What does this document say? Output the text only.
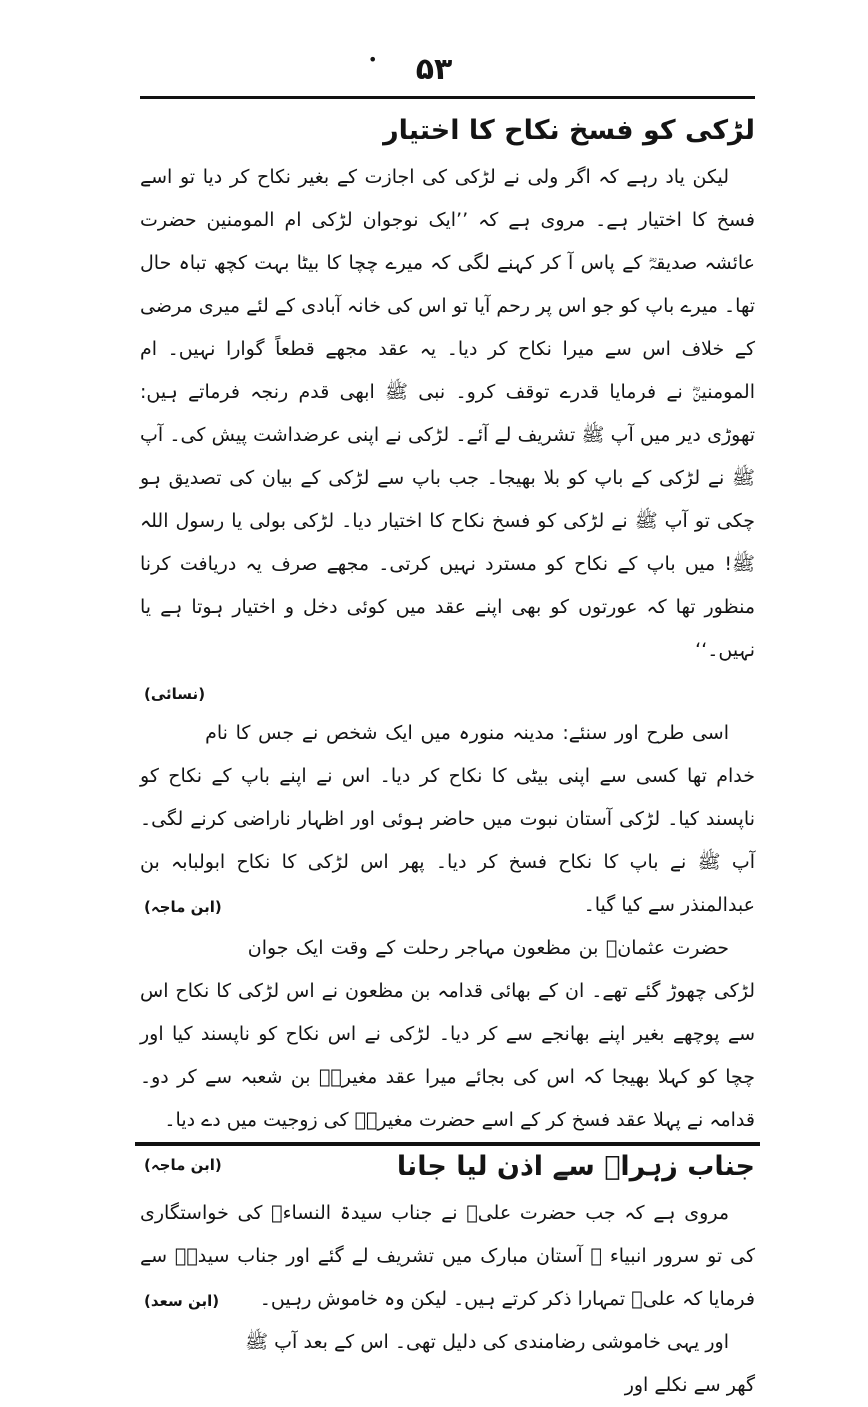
•	۵۳
لڑکی کو فسخ نکاح کا اختیار

لیکن یاد رہے کہ اگر ولی نے لڑکی کی اجازت کے بغیر نکاح کر دیا تو اسے فسخ کا اختیار ہے۔ مروی ہے کہ ’’ایک نوجوان لڑکی ام المومنین حضرت عائشہ صدیقہؓ کے پاس آ کر کہنے لگی کہ میرے چچا کا بیٹا بہت کچھ تباہ حال تھا۔ میرے باپ کو جو اس پر رحم آیا تو اس کی خانہ آبادی کے لئے میری مرضی کے خلاف اس سے میرا نکاح کر دیا۔ یہ عقد مجھے قطعاً گوارا نہیں۔ ام المومنینؓ نے فرمایا قدرے توقف کرو۔ نبی ﷺ ابھی قدم رنجہ فرماتے ہیں: تھوڑی دیر میں آپ ﷺ تشریف لے آئے۔ لڑکی نے اپنی عرضداشت پیش کی۔ آپ ﷺ نے لڑکی کے باپ کو بلا بھیجا۔ جب باپ سے لڑکی کے بیان کی تصدیق ہو چکی تو آپ ﷺ نے لڑکی کو فسخ نکاح کا اختیار دیا۔ لڑکی بولی یا رسول اللہ ﷺ! میں باپ کے نکاح کو مسترد نہیں کرتی۔ مجھے صرف یہ دریافت کرنا منظور تھا کہ عورتوں کو بھی اپنے عقد میں کوئی دخل و اختیار ہوتا ہے یا نہیں۔‘‘

(نسائی)

اسی طرح اور سنئے: مدینہ منورہ میں ایک شخص نے جس کا نام خدام تھا کسی سے اپنی بیٹی کا نکاح کر دیا۔ اس نے اپنے باپ کے نکاح کو ناپسند کیا۔ لڑکی آستان نبوت میں حاضر ہوئی اور اظہار ناراضی کرنے لگی۔ آپ ﷺ نے باپ کا نکاح فسخ کر دیا۔ پھر اس لڑکی کا نکاح ابولبابہ بن عبدالمنذر سے کیا گیا۔
(ابن ماجہ)

حضرت عثمانؓ بن مظعون مہاجر رحلت کے وقت ایک جوان لڑکی چھوڑ گئے تھے۔ ان کے بھائی قدامہ بن مظعون نے اس لڑکی کا نکاح اس سے پوچھے بغیر اپنے بھانجے سے کر دیا۔ لڑکی نے اس نکاح کو ناپسند کیا اور چچا کو کہلا بھیجا کہ اس کی بجائے میرا عقد مغیرہؓ بن شعبہ سے کر دو۔ قدامہ نے پہلا عقد فسخ کر کے اسے حضرت مغیرہؓ کی زوجیت میں دے دیا۔
(ابن ماجہ)	جناب زہراؑ سے اذن لیا جانا

مروی ہے کہ جب حضرت علیؑ نے جناب سیدۃ النساءؑ کی خواستگاری کی تو سرور انبیاء ﷺ آستان مبارک میں تشریف لے گئے اور جناب سیدہؑ سے فرمایا کہ علیؑ تمہارا ذکر کرتے ہیں۔ لیکن وہ خاموش رہیں۔
(ابن سعد)

اور یہی خاموشی رضامندی کی دلیل تھی۔ اس کے بعد آپ ﷺ گھر سے نکلے اور
